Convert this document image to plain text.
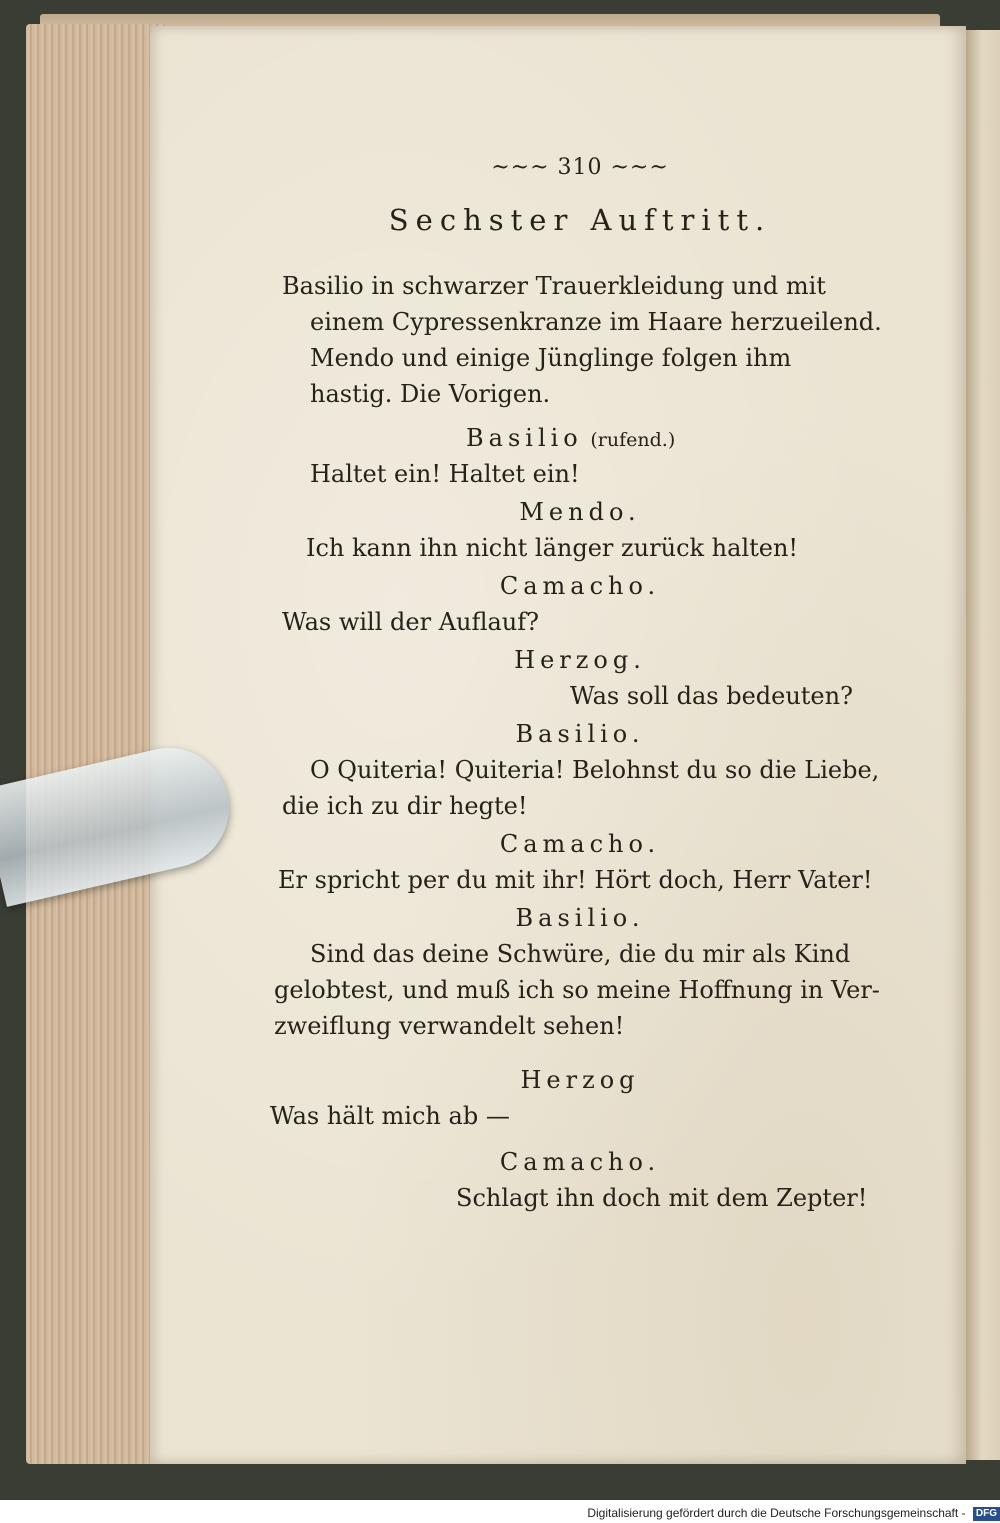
~~~ 310 ~~~
Sechster Auftritt.
Basilio in schwarzer Trauerkleidung und mit
einem Cypressenkranze im Haare herzueilend.
Mendo und einige Jünglinge folgen ihm
hastig. Die Vorigen.
Basilio (rufend.)
Haltet ein! Haltet ein!
Mendo.
Ich kann ihn nicht länger zurück halten!
Camacho.
Was will der Auflauf?
Herzog.
Was soll das bedeuten?
Basilio.
O Quiteria! Quiteria! Belohnst du so die Liebe,
die ich zu dir hegte!
Camacho.
Er spricht per du mit ihr! Hört doch, Herr Vater!
Basilio.
Sind das deine Schwüre, die du mir als Kind
gelobtest, und muß ich so meine Hoffnung in Ver-
zweiflung verwandelt sehen!
Herzog
Was hält mich ab —
Camacho.
Schlagt ihn doch mit dem Zepter!
Digitalisierung gefördert durch die Deutsche Forschungsgemeinschaft - DFG
